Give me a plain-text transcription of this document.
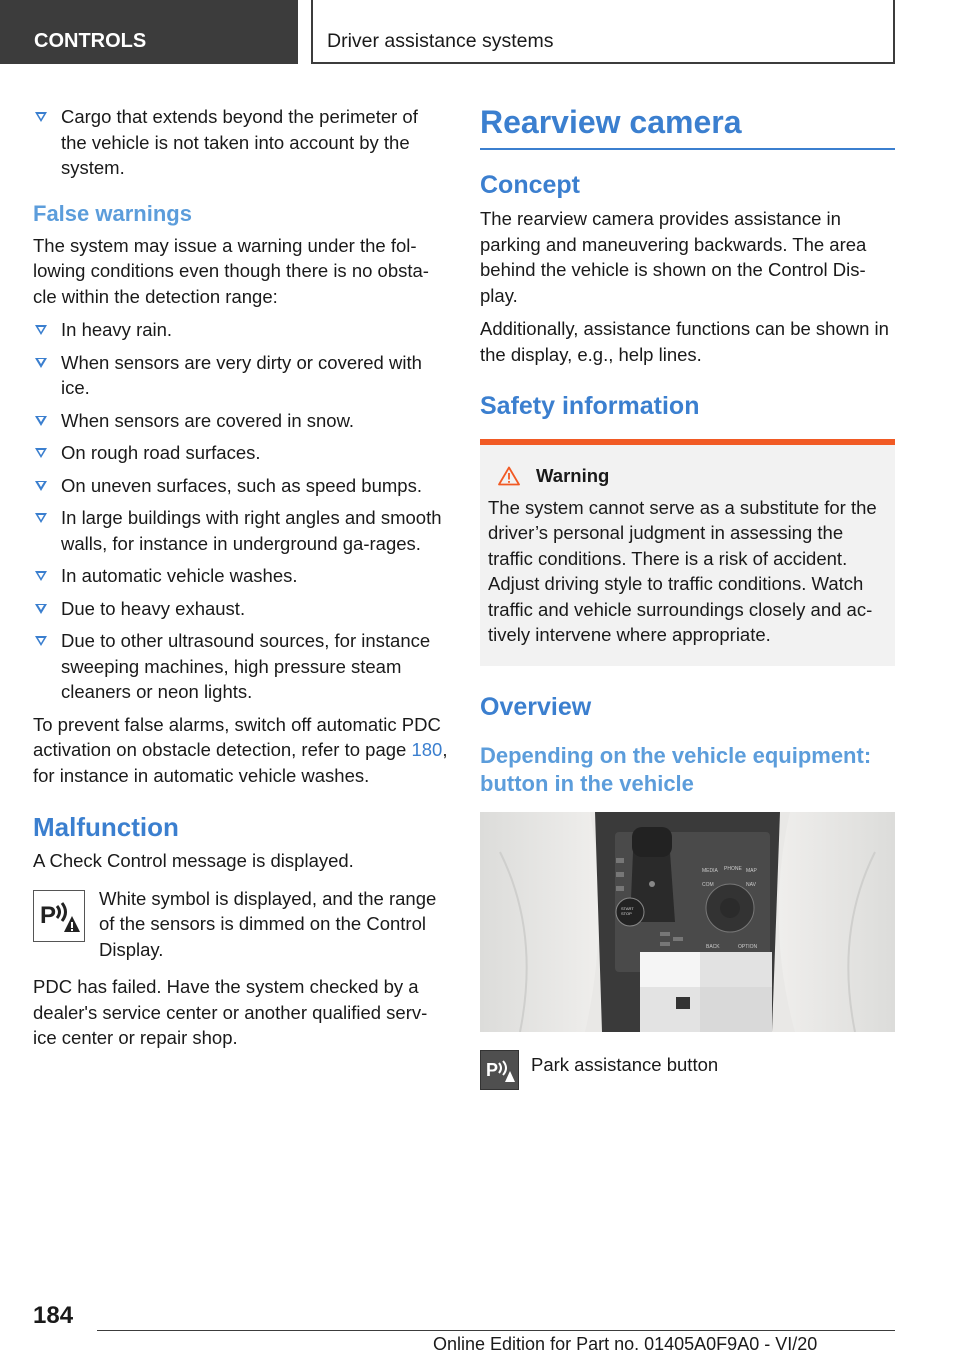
CONTROLS	Driver assistance systems
Cargo that extends beyond the perimeter of the vehicle is not taken into account by the system.
False warnings

The system may issue a warning under the fol‐lowing conditions even though there is no obsta‐cle within the detection range:

In heavy rain.
When sensors are very dirty or covered with ice.
When sensors are covered in snow.
On rough road surfaces.
On uneven surfaces, such as speed bumps.
In large buildings with right angles and smooth walls, for instance in underground ga‐rages.
In automatic vehicle washes.
Due to heavy exhaust.
Due to other ultrasound sources, for instance sweeping machines, high pressure steam cleaners or neon lights.

To prevent false alarms, switch off automatic PDC activation on obstacle detection, refer to page 180, for instance in automatic vehicle washes.

Malfunction

A Check Control message is displayed.

P
White symbol is displayed, and the range of the sensors is dimmed on the Control Display.

PDC has failed. Have the system checked by a dealer's service center or another qualified serv‐ice center or repair shop.

Rearview camera
Concept

The rearview camera provides assistance in parking and maneuvering backwards. The area behind the vehicle is shown on the Control Dis‐play.

Additionally, assistance functions can be shown in the display, e.g., help lines.

Safety information
Warning
The system cannot serve as a substitute for the driver’s personal judgment in assessing the traffic conditions. There is a risk of accident. Adjust driving style to traffic conditions. Watch traffic and vehicle surroundings closely and ac‐tively intervene where appropriate.
Overview
Depending on the vehicle equipment: button in the vehicle
START
STOP
MEDIA PHONE MAP
COM	NAV
BACK	OPTION
P Park assistance button
184
Online Edition for Part no. 01405A0F9A0 - VI/20
